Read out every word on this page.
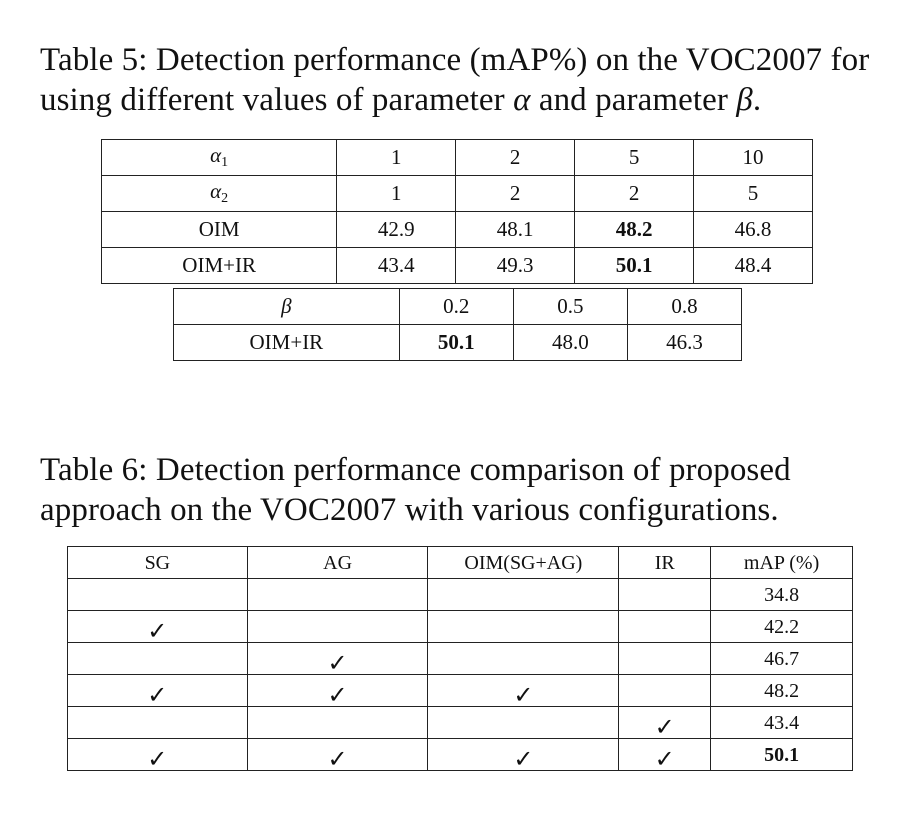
Table 5: Detection performance (mAP%) on the VOC2007 for using different values of parameter α and parameter β.
$\alpha_1$	1	2	5	10
$\alpha_2$	1	2	2	5
OIM	42.9	48.1	48.2	46.8
OIM+IR	43.4	49.3	50.1	48.4
β	0.2	0.5	0.8
OIM+IR	50.1	48.0	46.3
Table 6: Detection performance comparison of proposed approach on the VOC2007 with various configurations.
SG	AG	OIM(SG+AG)	IR	mAP (%)
				34.8
✓				42.2
	✓			46.7
✓	✓	✓		48.2
			✓	43.4
✓	✓	✓	✓	50.1
